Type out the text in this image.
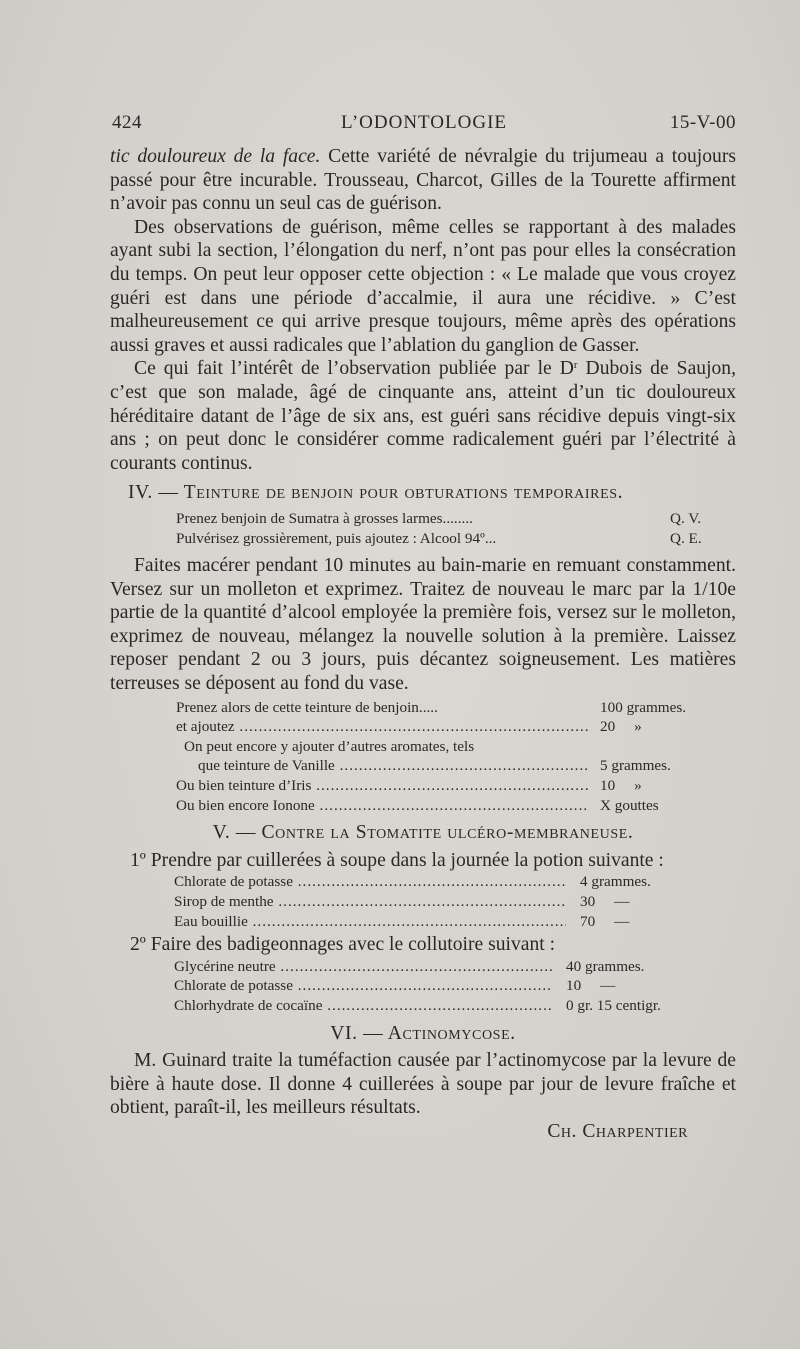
424	L’ODONTOLOGIE	15-V-00

tic douloureux de la face. Cette variété de névralgie du trijumeau a toujours passé pour être incurable. Trousseau, Charcot, Gilles de la Tourette affirment n’avoir pas connu un seul cas de guérison.

Des observations de guérison, même celles se rapportant à des malades ayant subi la section, l’élongation du nerf, n’ont pas pour elles la consécration du temps. On peut leur opposer cette objection : « Le malade que vous croyez guéri est dans une période d’accalmie, il aura une récidive. » C’est malheureusement ce qui arrive presque toujours, même après des opérations aussi graves et aussi radicales que l’ablation du ganglion de Gasser.

Ce qui fait l’intérêt de l’observation publiée par le $D^r$ Dubois de Saujon, c’est que son malade, âgé de cinquante ans, atteint d’un tic douloureux héréditaire datant de l’âge de six ans, est guéri sans récidive depuis vingt-six ans ; on peut donc le considérer comme radicalement guéri par l’électrité à courants continus.

IV. — Teinture de benjoin pour obturations temporaires.

Prenez benjoin de Sumatra à grosses larmes........	Q. V.
Pulvérisez grossièrement, puis ajoutez : Alcool 94º...	Q. E.

Faites macérer pendant 10 minutes au bain-marie en remuant constamment. Versez sur un molleton et exprimez. Traitez de nouveau le marc par la 1/10e partie de la quantité d’alcool employée la première fois, versez sur le molleton, exprimez de nouveau, mélangez la nouvelle solution à la première. Laissez reposer pendant 2 ou 3 jours, puis décantez soigneusement. Les matières terreuses se déposent au fond du vase.

Prenez alors de cette teinture de benjoin.....	100 grammes.
et ajoutez .....	20     »
On peut encore y ajouter d’autres aromates, tels
que teinture de Vanille .....	5 grammes.
Ou bien teinture d’Iris .....	10     »
Ou bien encore Ionone .....	X gouttes

V. — Contre la Stomatite ulcéro-membraneuse.

1º Prendre par cuillerées à soupe dans la journée la potion suivante :

Chlorate de potasse .....	4 grammes.
Sirop de menthe .....	30     —
Eau bouillie .....	70     —

2º Faire des badigeonnages avec le collutoire suivant :

Glycérine neutre .....	40 grammes.
Chlorate de potasse .....	10     —
Chlorhydrate de cocaïne .....	0 gr. 15 centigr.

VI. — Actinomycose.

M. Guinard traite la tuméfaction causée par l’actinomycose par la levure de bière à haute dose. Il donne 4 cuillerées à soupe par jour de levure fraîche et obtient, paraît-il, les meilleurs résultats.

Ch. Charpentier
